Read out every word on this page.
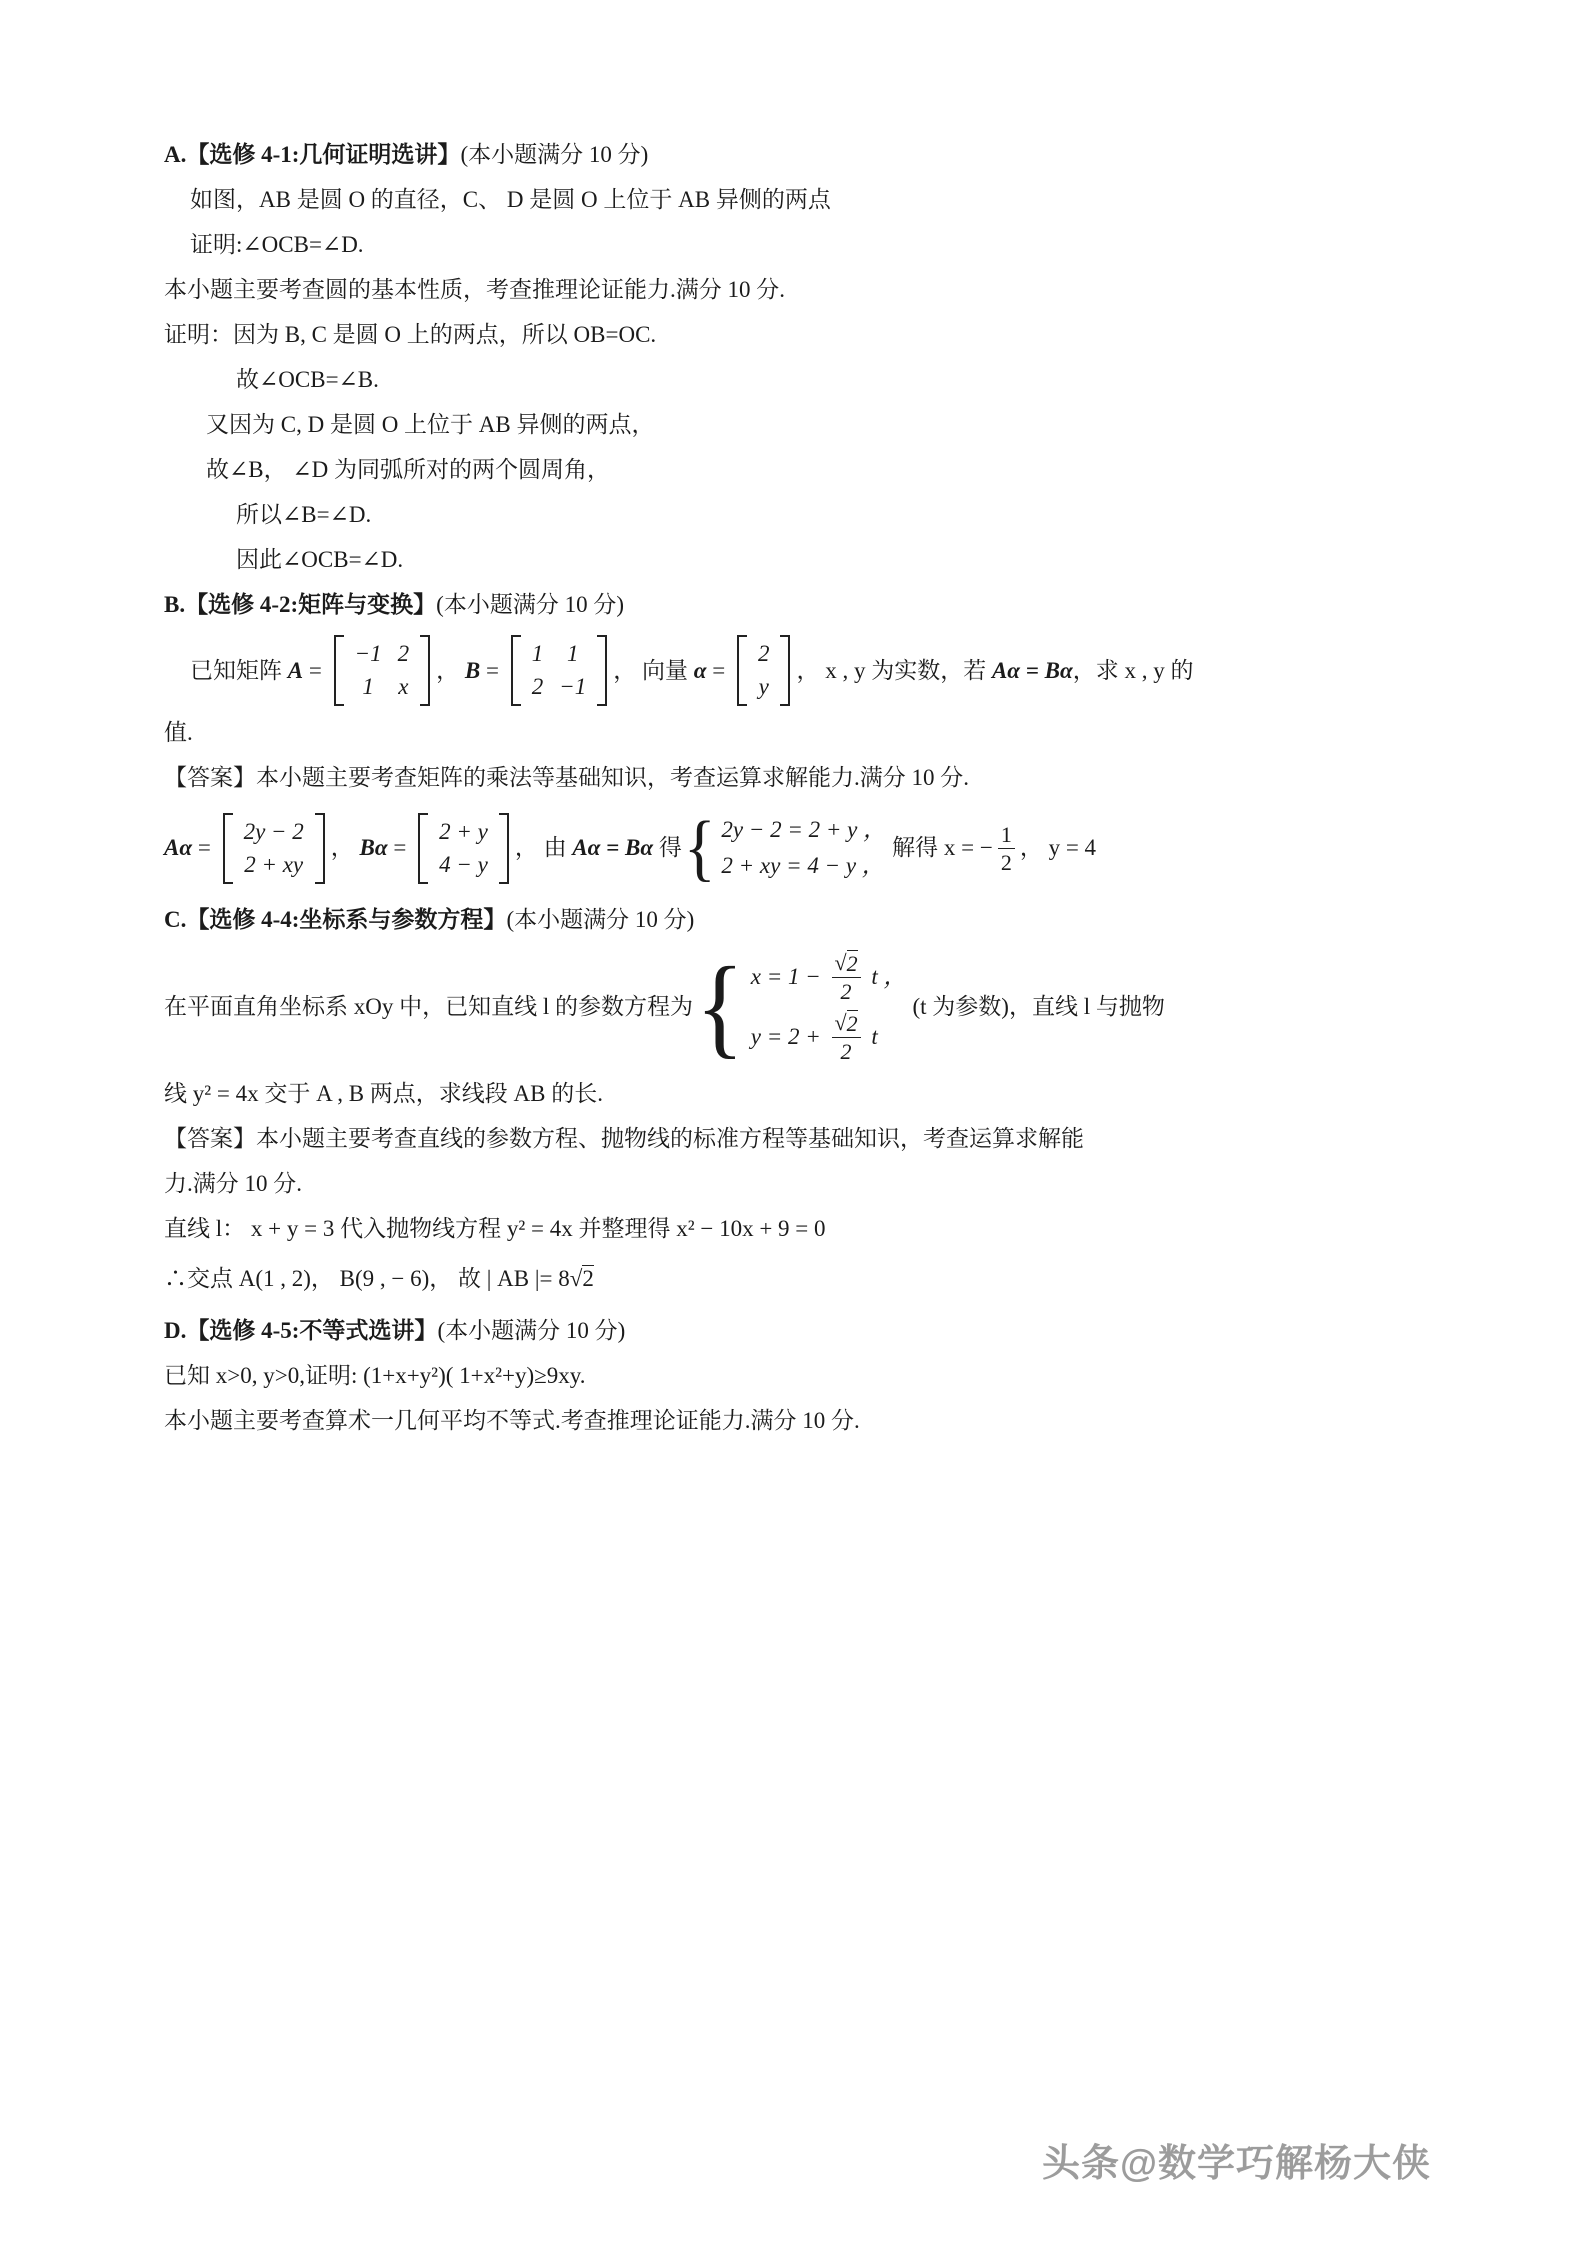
A.【选修 4-1:几何证明选讲】(本小题满分 10 分)

如图，AB 是圆 O 的直径，C、 D 是圆 O 上位于 AB 异侧的两点

证明:∠OCB=∠D.

本小题主要考查圆的基本性质，考查推理论证能力.满分 10 分.

证明：因为 B, C 是圆 O 上的两点，所以 OB=OC.

故∠OCB=∠B.

又因为 C, D 是圆 O 上位于 AB 异侧的两点，

故∠B， ∠D 为同弧所对的两个圆周角，

所以∠B=∠D.

因此∠OCB=∠D.

B.【选修 4-2:矩阵与变换】(本小题满分 10 分)

已知矩阵 A =
−1 2
1 x
， B =
1 1
2 −1
， 向量 α =
2
y
， x , y 为实数，若 Aα = Bα ，求 x , y 的

值.

【答案】本小题主要考查矩阵的乘法等基础知识，考查运算求解能力.满分 10 分.

Aα =
2y − 2
2 + xy
， Bα =
2 + y
4 − y
， 由 Aα = Bα 得 { 2y − 2 = 2 + y ，
2 + xy = 4 − y ，
解得 x = − $\frac{1}{2}$ ， y = 4

C.【选修 4-4:坐标系与参数方程】(本小题满分 10 分)

在平面直角坐标系 xOy 中，已知直线 l 的参数方程为 { $x = 1 - \frac{√ 2}{2}$ t ，
$y = 2 + \frac{√ 2}{2}$ t
(t 为参数)，直线 l 与抛物

线 y² = 4x 交于 A , B 两点，求线段 AB 的长.

【答案】本小题主要考查直线的参数方程、抛物线的标准方程等基础知识，考查运算求解能

力.满分 10 分.

直线 l： x + y = 3 代入抛物线方程 y² = 4x 并整理得 x² − 10x + 9 = 0

∴交点 A(1 , 2)， B(9 , − 6)， 故 | AB |= 8 √2

D.【选修 4-5:不等式选讲】(本小题满分 10 分)

已知 x>0, y>0,证明: (1+x+y²)( 1+x²+y)≥9xy.

本小题主要考查算术一几何平均不等式.考查推理论证能力.满分 10 分.

头条@数学巧解杨大侠
